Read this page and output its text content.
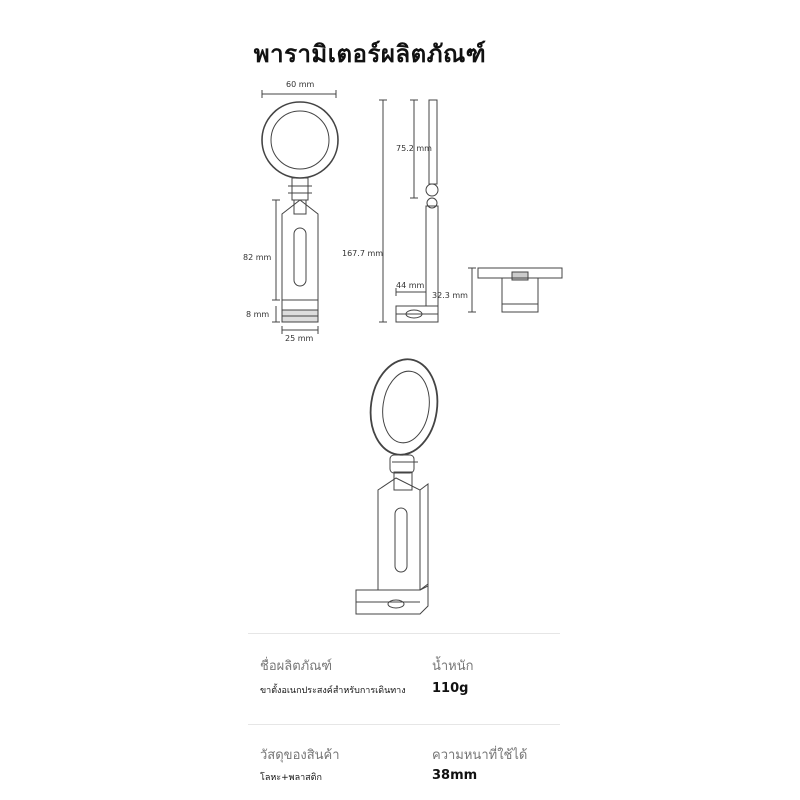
พารามิเตอร์ผลิตภัณฑ์
60 mm
75.2 mm
167.7 mm
82 mm
8 mm
44 mm
25 mm
32.3 mm
ชื่อผลิตภัณฑ์
ขาตั้งอเนกประสงค์สำหรับการเดินทาง
น้ำหนัก
110g
วัสดุของสินค้า
โลหะ+พลาสติก
ความหนาที่ใช้ได้
38mm
